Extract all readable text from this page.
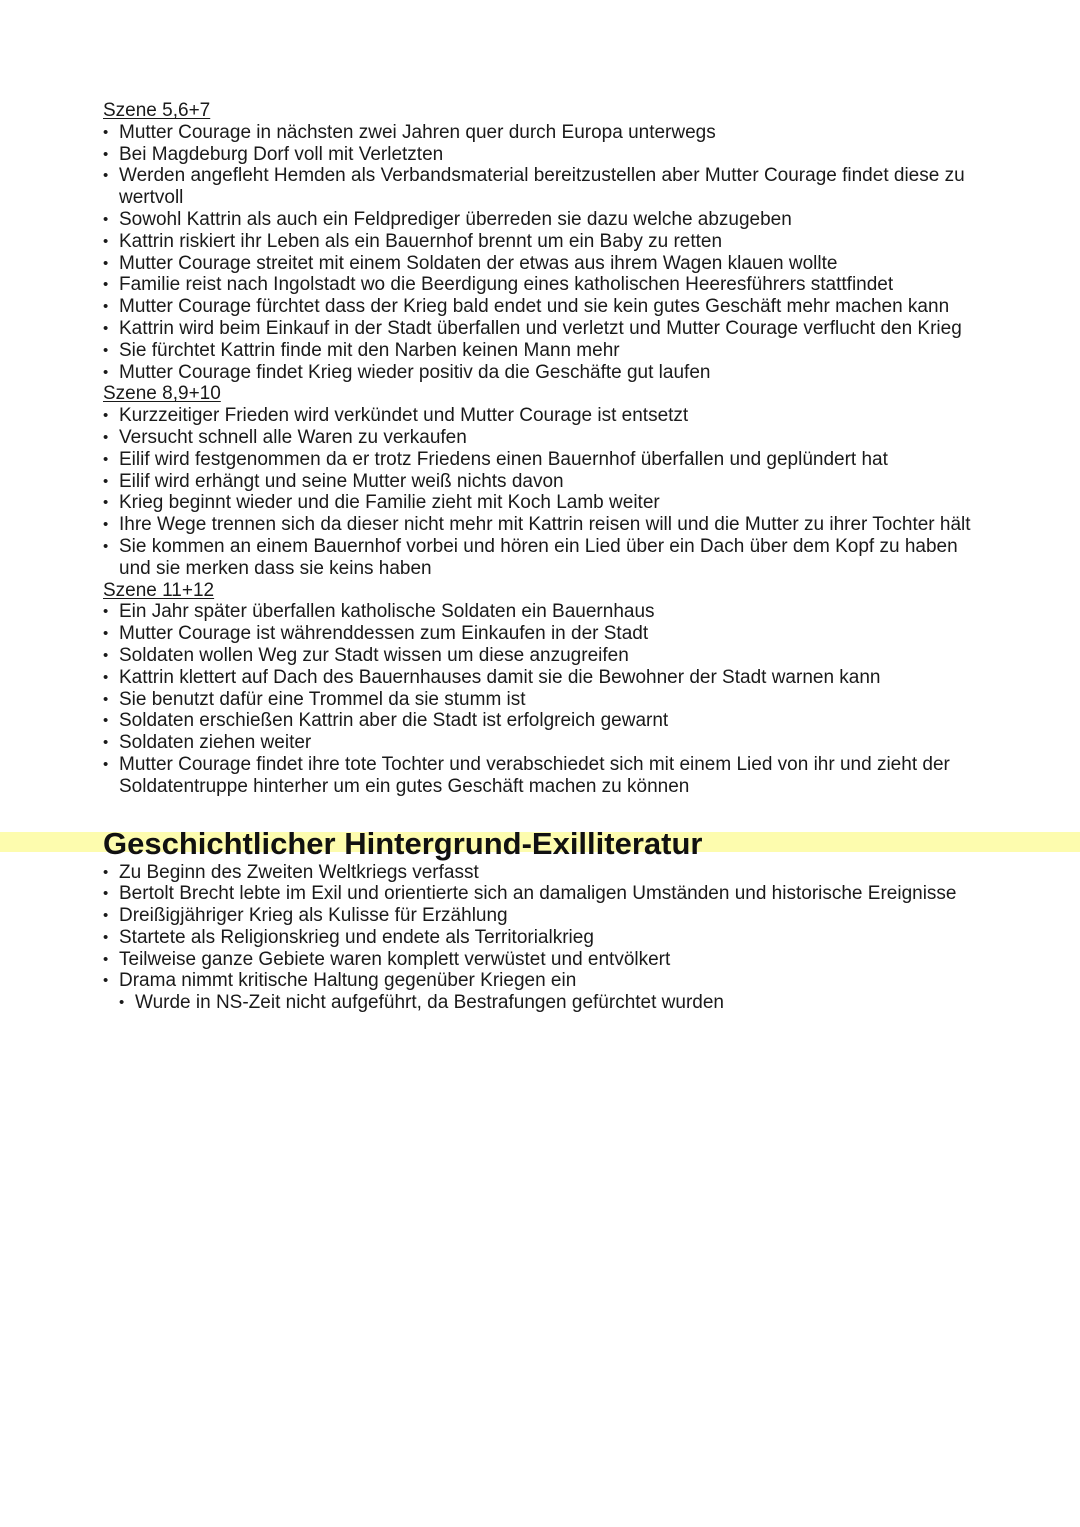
Szene 5,6+7

• Mutter Courage in nächsten zwei Jahren quer durch Europa unterwegs
• Bei Magdeburg Dorf voll mit Verletzten
• Werden angefleht Hemden als Verbandsmaterial bereitzustellen aber Mutter Courage findet diese zu wertvoll
• Sowohl Kattrin als auch ein Feldprediger überreden sie dazu welche abzugeben
• Kattrin riskiert ihr Leben als ein Bauernhof brennt um ein Baby zu retten
• Mutter Courage streitet mit einem Soldaten der etwas aus ihrem Wagen klauen wollte
• Familie reist nach Ingolstadt wo die Beerdigung eines katholischen Heeresführers stattfindet
• Mutter Courage fürchtet dass der Krieg bald endet und sie kein gutes Geschäft mehr machen kann
• Kattrin wird beim Einkauf in der Stadt überfallen und verletzt und Mutter Courage verflucht den Krieg
• Sie fürchtet Kattrin finde mit den Narben keinen Mann mehr
• Mutter Courage findet Krieg wieder positiv da die Geschäfte gut laufen

Szene 8,9+10

• Kurzzeitiger Frieden wird verkündet und Mutter Courage ist entsetzt
• Versucht schnell alle Waren zu verkaufen
• Eilif wird festgenommen da er trotz Friedens einen Bauernhof überfallen und geplündert hat
• Eilif wird erhängt und seine Mutter weiß nichts davon
• Krieg beginnt wieder und die Familie zieht mit Koch Lamb weiter
• Ihre Wege trennen sich da dieser nicht mehr mit Kattrin reisen will und die Mutter zu ihrer Tochter hält
• Sie kommen an einem Bauernhof vorbei und hören ein Lied über ein Dach über dem Kopf zu haben und sie merken dass sie keins haben

Szene 11+12

• Ein Jahr später überfallen katholische Soldaten ein Bauernhaus
• Mutter Courage ist währenddessen zum Einkaufen in der Stadt
• Soldaten wollen Weg zur Stadt wissen um diese anzugreifen
• Kattrin klettert auf Dach des Bauernhauses damit sie die Bewohner der Stadt warnen kann
• Sie benutzt dafür eine Trommel da sie stumm ist
• Soldaten erschießen Kattrin aber die Stadt ist erfolgreich gewarnt
• Soldaten ziehen weiter
• Mutter Courage findet ihre tote Tochter und verabschiedet sich mit einem Lied von ihr und zieht der Soldatentruppe hinterher um ein gutes Geschäft machen zu können
Geschichtlicher Hintergrund-Exilliteratur
• Zu Beginn des Zweiten Weltkriegs verfasst
• Bertolt Brecht lebte im Exil und orientierte sich an damaligen Umständen und historische Ereignisse
• Dreißigjähriger Krieg als Kulisse für Erzählung
• Startete als Religionskrieg und endete als Territorialkrieg
• Teilweise ganze Gebiete waren komplett verwüstet und entvölkert
• Drama nimmt kritische Haltung gegenüber Kriegen ein
• Wurde in NS-Zeit nicht aufgeführt, da Bestrafungen gefürchtet wurden
